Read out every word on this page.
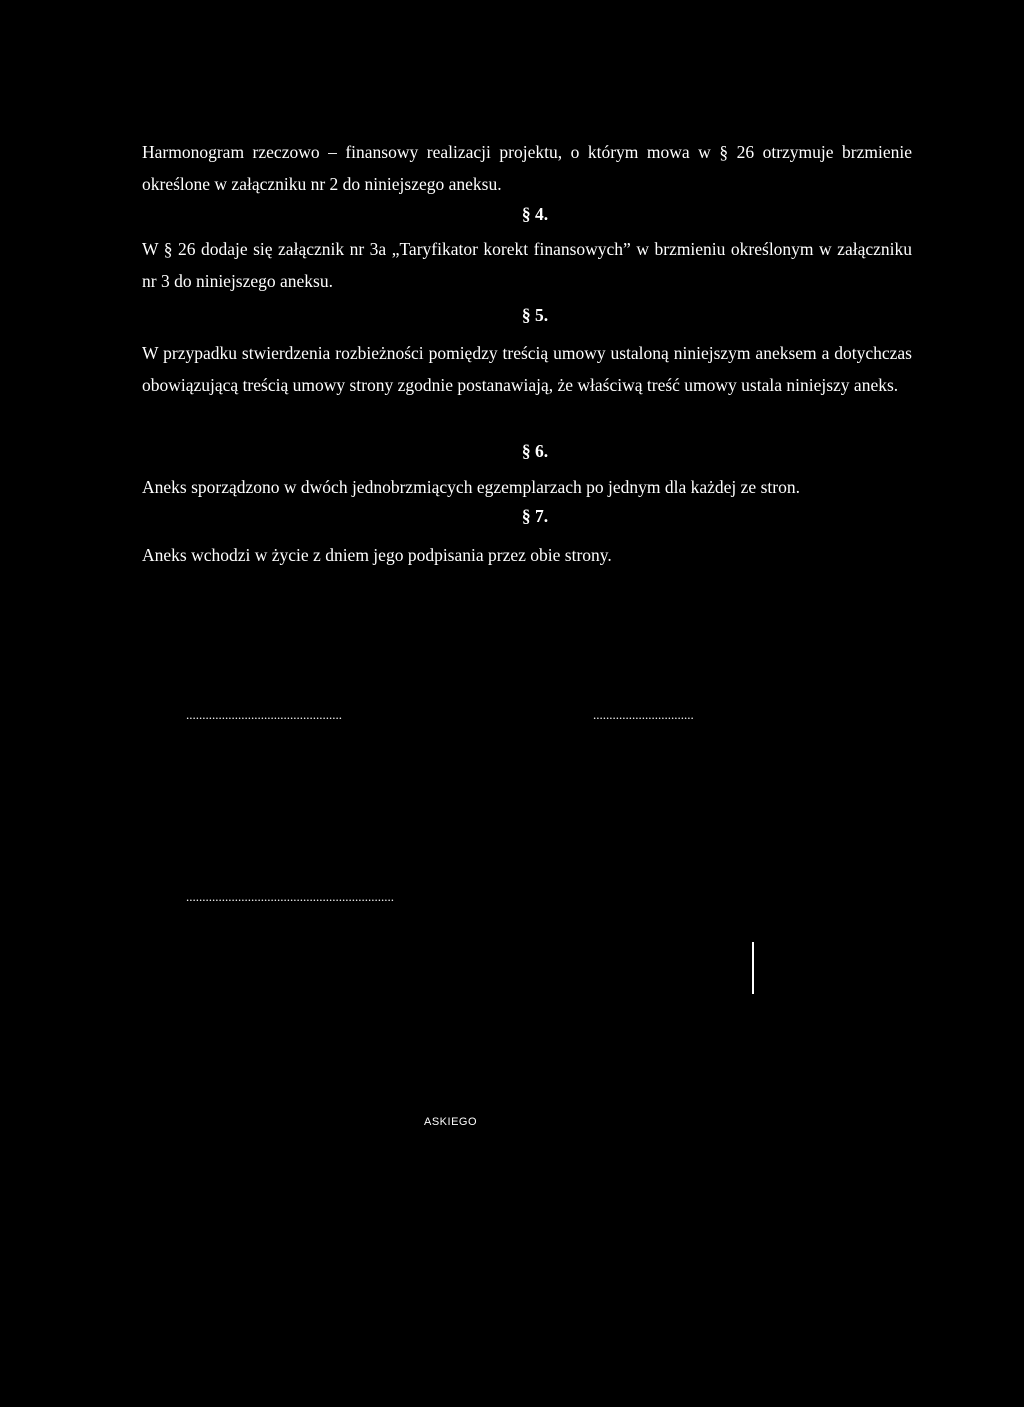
Harmonogram rzeczowo – finansowy realizacji projektu, o którym mowa w § 26 otrzymuje brzmienie określone w załączniku nr 2 do niniejszego aneksu.

§ 4.

W § 26 dodaje się załącznik nr 3a „Taryfikator korekt finansowych” w brzmieniu określonym w załączniku nr 3 do niniejszego aneksu.

§ 5.

W przypadku stwierdzenia rozbieżności pomiędzy treścią umowy ustaloną niniejszym aneksem a dotychczas obowiązującą treścią umowy strony zgodnie postanawiają, że właściwą treść umowy ustala niniejszy aneks.

§ 6.

Aneks sporządzono w dwóch jednobrzmiących egzemplarzach po jednym dla każdej ze stron.

§ 7.

Aneks wchodzi w życie z dniem jego podpisania przez obie strony.

................................................	...............................
................................................................
ASKIEGO
